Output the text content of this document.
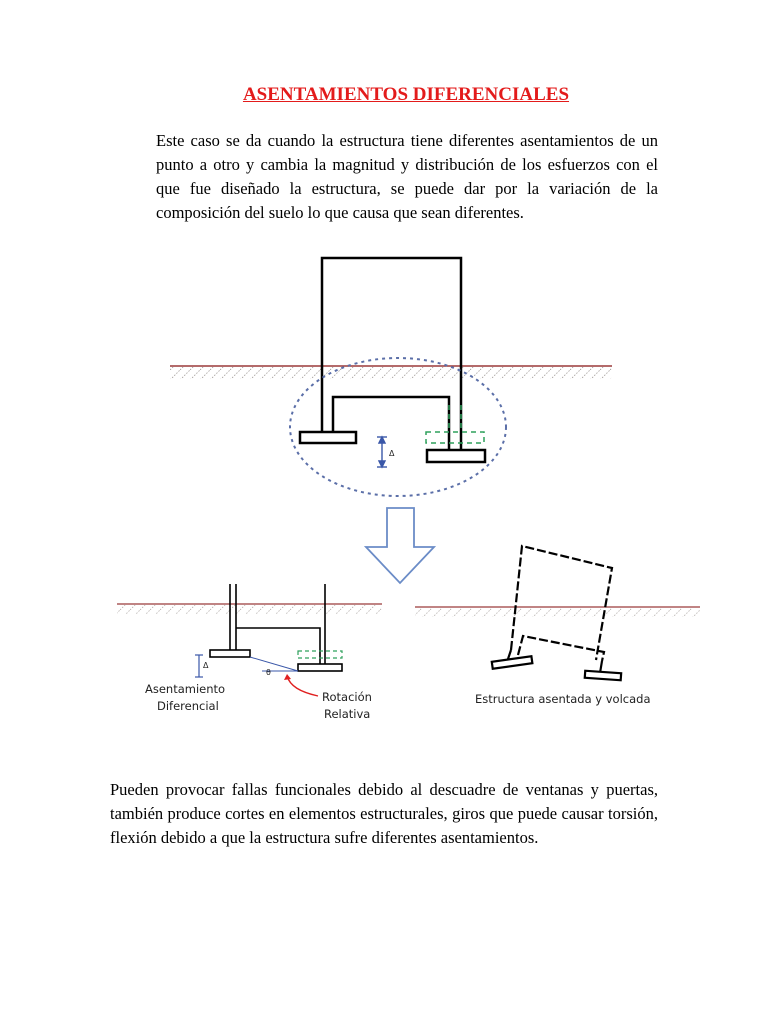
ASENTAMIENTOS DIFERENCIALES
Este caso se da cuando la estructura tiene diferentes asentamientos de un punto a otro y cambia la magnitud y distribución de los esfuerzos con el que fue diseñado la estructura, se puede dar por la variación de la composición del suelo lo que causa que sean diferentes.
Δ
θ
Δ
Asentamiento
Diferencial
Rotación
Relativa
Estructura asentada y volcada
Pueden provocar fallas funcionales debido al descuadre de ventanas y puertas, también produce cortes en elementos estructurales, giros que puede causar torsión, flexión debido a que la estructura sufre diferentes asentamientos.
